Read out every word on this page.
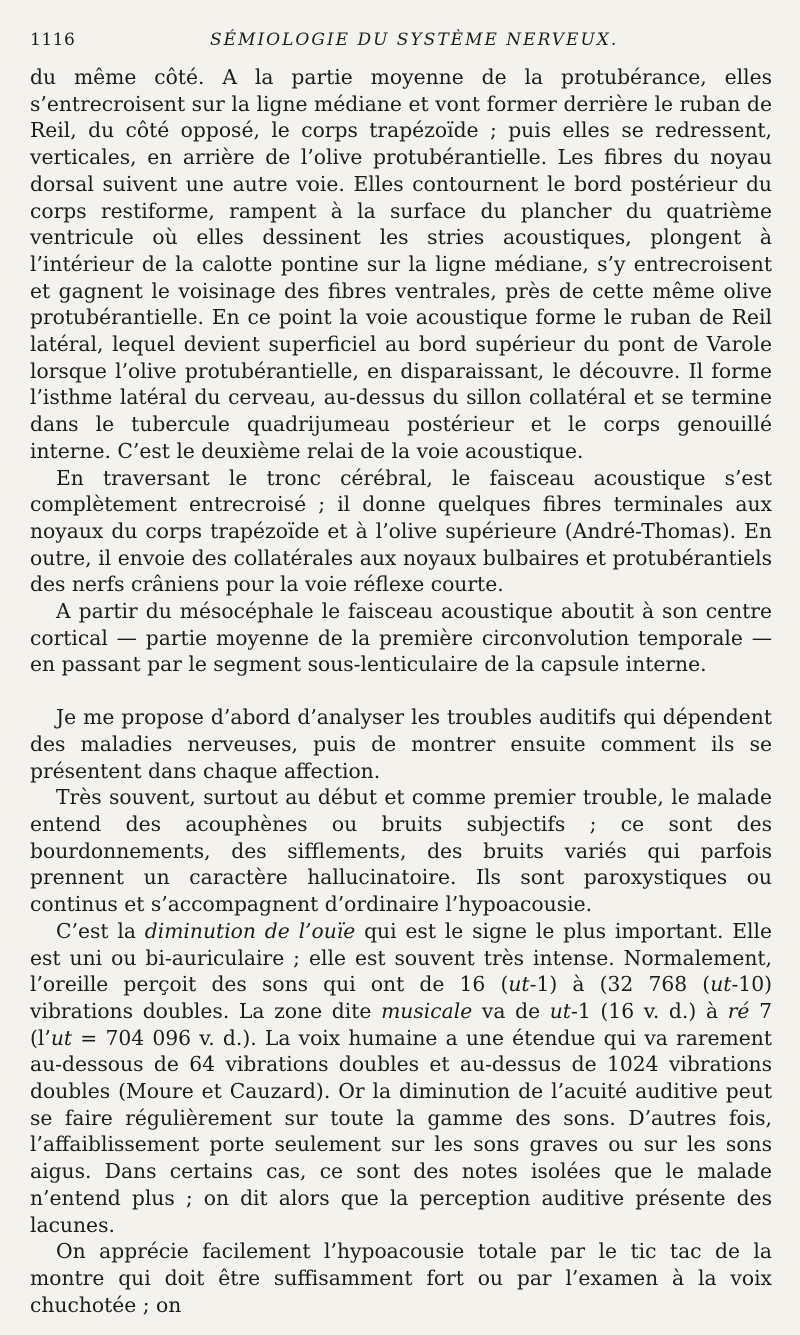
1116	SÉMIOLOGIE DU SYSTÈME NERVEUX.

du même côté. A la partie moyenne de la protubérance, elles s’entrecroisent sur la ligne médiane et vont former derrière le ruban de Reil, du côté opposé, le corps trapézoïde ; puis elles se redressent, verticales, en arrière de l’olive protubérantielle. Les fibres du noyau dorsal suivent une autre voie. Elles contournent le bord postérieur du corps restiforme, rampent à la surface du plancher du quatrième ventricule où elles dessinent les stries acoustiques, plongent à l’intérieur de la calotte pontine sur la ligne médiane, s’y entrecroisent et gagnent le voisinage des fibres ventrales, près de cette même olive protubérantielle. En ce point la voie acoustique forme le ruban de Reil latéral, lequel devient superficiel au bord supérieur du pont de Varole lorsque l’olive protubérantielle, en disparaissant, le découvre. Il forme l’isthme latéral du cerveau, au-dessus du sillon collatéral et se termine dans le tubercule quadrijumeau postérieur et le corps genouillé interne. C’est le deuxième relai de la voie acoustique.

En traversant le tronc cérébral, le faisceau acoustique s’est complètement entrecroisé ; il donne quelques fibres terminales aux noyaux du corps trapézoïde et à l’olive supérieure (André-Thomas). En outre, il envoie des collatérales aux noyaux bulbaires et protubérantiels des nerfs crâniens pour la voie réflexe courte.

A partir du mésocéphale le faisceau acoustique aboutit à son centre cortical — partie moyenne de la première circonvolution temporale — en passant par le segment sous-lenticulaire de la capsule interne.

Je me propose d’abord d’analyser les troubles auditifs qui dépendent des maladies nerveuses, puis de montrer ensuite comment ils se présentent dans chaque affection.

Très souvent, surtout au début et comme premier trouble, le malade entend des acouphènes ou bruits subjectifs ; ce sont des bourdonnements, des sifflements, des bruits variés qui parfois prennent un caractère hallucinatoire. Ils sont paroxystiques ou continus et s’accompagnent d’ordinaire l’hypoacousie.

C’est la diminution de l’ouïe qui est le signe le plus important. Elle est uni ou bi-auriculaire ; elle est souvent très intense. Normalement, l’oreille perçoit des sons qui ont de 16 (ut-1) à (32 768 (ut-10) vibrations doubles. La zone dite musicale va de ut-1 (16 v. d.) à ré 7 (l’ut = 704 096 v. d.). La voix humaine a une étendue qui va rarement au-dessous de 64 vibrations doubles et au-dessus de 1024 vibrations doubles (Moure et Cauzard). Or la diminution de l’acuité auditive peut se faire régulièrement sur toute la gamme des sons. D’autres fois, l’affaiblissement porte seulement sur les sons graves ou sur les sons aigus. Dans certains cas, ce sont des notes isolées que le malade n’entend plus ; on dit alors que la perception auditive présente des lacunes.

On apprécie facilement l’hypoacousie totale par le tic tac de la montre qui doit être suffisamment fort ou par l’examen à la voix chuchotée ; on
